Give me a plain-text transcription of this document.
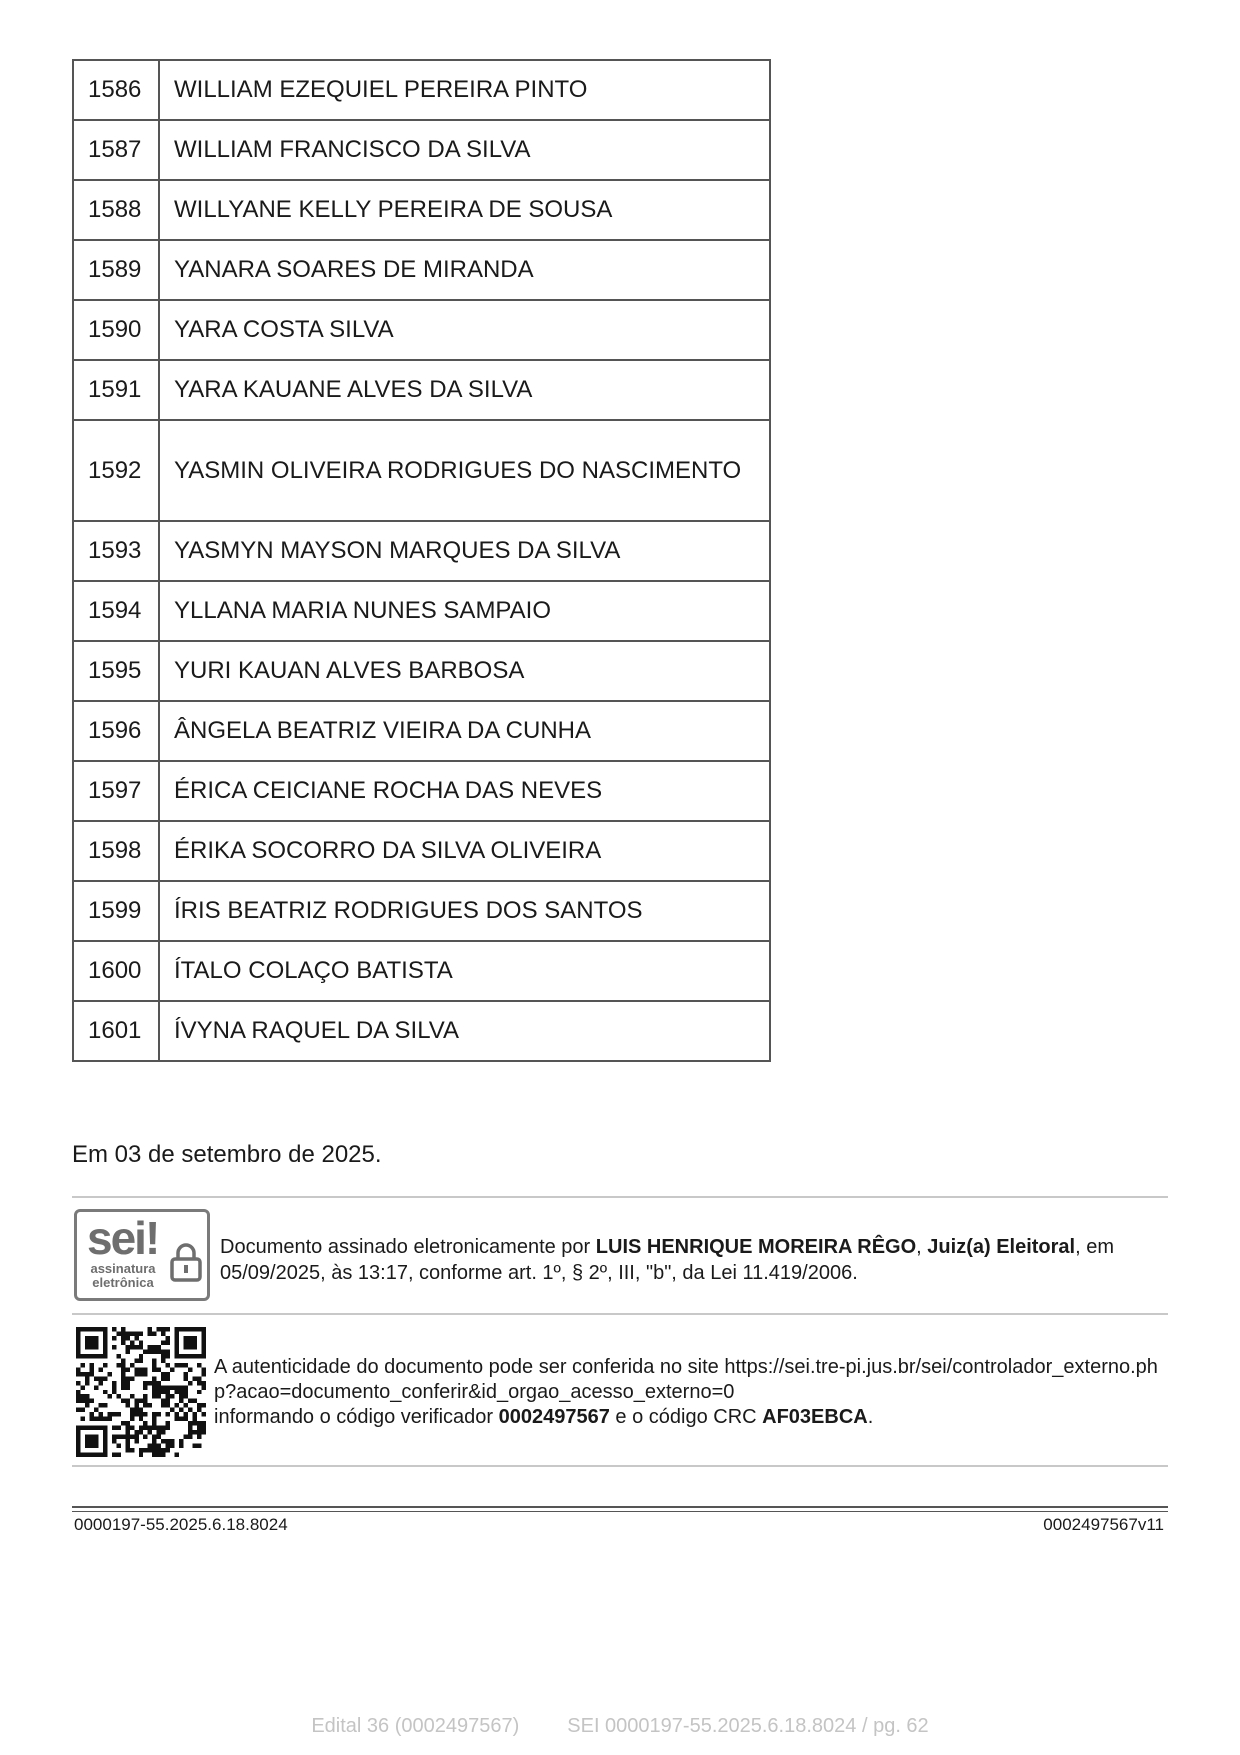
1586	WILLIAM EZEQUIEL PEREIRA PINTO
1587	WILLIAM FRANCISCO DA SILVA
1588	WILLYANE KELLY PEREIRA DE SOUSA
1589	YANARA SOARES DE MIRANDA
1590	YARA COSTA SILVA
1591	YARA KAUANE ALVES DA SILVA
1592	YASMIN OLIVEIRA RODRIGUES DO NASCIMENTO
1593	YASMYN MAYSON MARQUES DA SILVA
1594	YLLANA MARIA NUNES SAMPAIO
1595	YURI KAUAN ALVES BARBOSA
1596	ÂNGELA BEATRIZ VIEIRA DA CUNHA
1597	ÉRICA CEICIANE ROCHA DAS NEVES
1598	ÉRIKA SOCORRO DA SILVA OLIVEIRA
1599	ÍRIS BEATRIZ RODRIGUES DOS SANTOS
1600	ÍTALO COLAÇO BATISTA
1601	ÍVYNA RAQUEL DA SILVA
Em 03 de setembro de 2025.
sei!
assinatura
eletrônica
Documento assinado eletronicamente por LUIS HENRIQUE MOREIRA RÊGO, Juiz(a) Eleitoral, em 05/09/2025, às 13:17, conforme art. 1º, § 2º, III, "b", da Lei 11.419/2006.
A autenticidade do documento pode ser conferida no site https://sei.tre-pi.jus.br/sei/controlador_externo.php?acao=documento_conferir&id_orgao_acesso_externo=0
informando o código verificador 0002497567 e o código CRC AF03EBCA.
0000197-55.2025.6.18.8024	0002497567v11
Edital 36 (0002497567) SEI 0000197-55.2025.6.18.8024 / pg. 62
